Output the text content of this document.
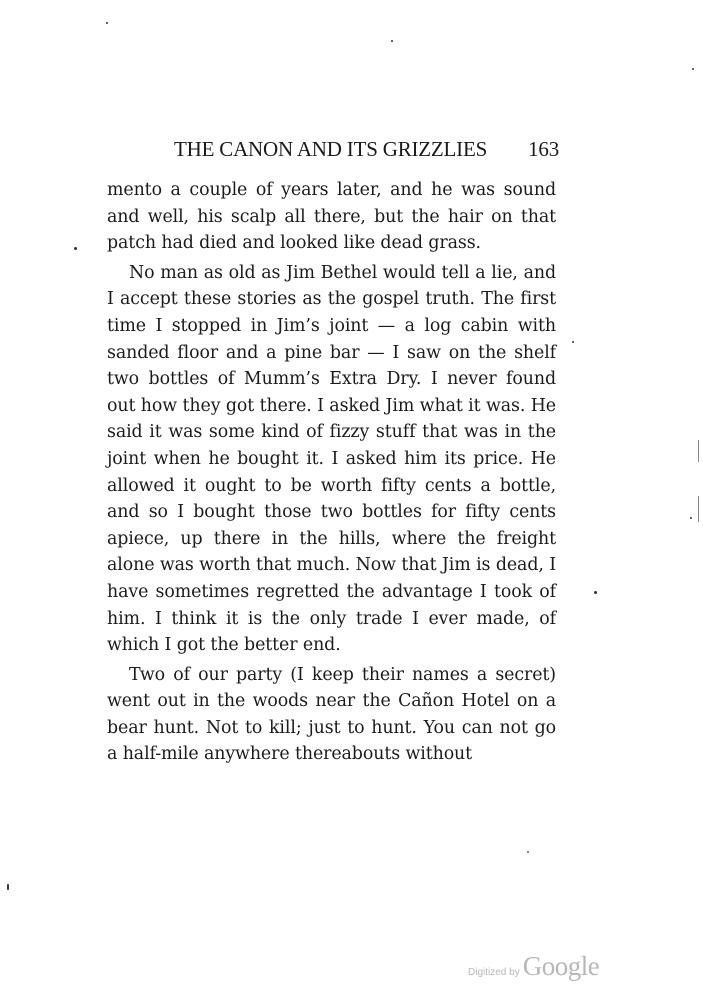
THE CANON AND ITS GRIZZLIES 163

mento a couple of years later, and he was sound and well, his scalp all there, but the hair on that patch had died and looked like dead grass.

No man as old as Jim Bethel would tell a lie, and I accept these stories as the gospel truth. The first time I stopped in Jim’s joint — a log cabin with sanded floor and a pine bar — I saw on the shelf two bottles of Mumm’s Extra Dry. I never found out how they got there. I asked Jim what it was. He said it was some kind of fizzy stuff that was in the joint when he bought it. I asked him its price. He allowed it ought to be worth fifty cents a bottle, and so I bought those two bottles for fifty cents apiece, up there in the hills, where the freight alone was worth that much. Now that Jim is dead, I have sometimes regretted the advantage I took of him. I think it is the only trade I ever made, of which I got the better end.

Two of our party (I keep their names a secret) went out in the woods near the Cañon Hotel on a bear hunt. Not to kill; just to hunt. You can not go a half-mile anywhere thereabouts without

Digitized by Google
